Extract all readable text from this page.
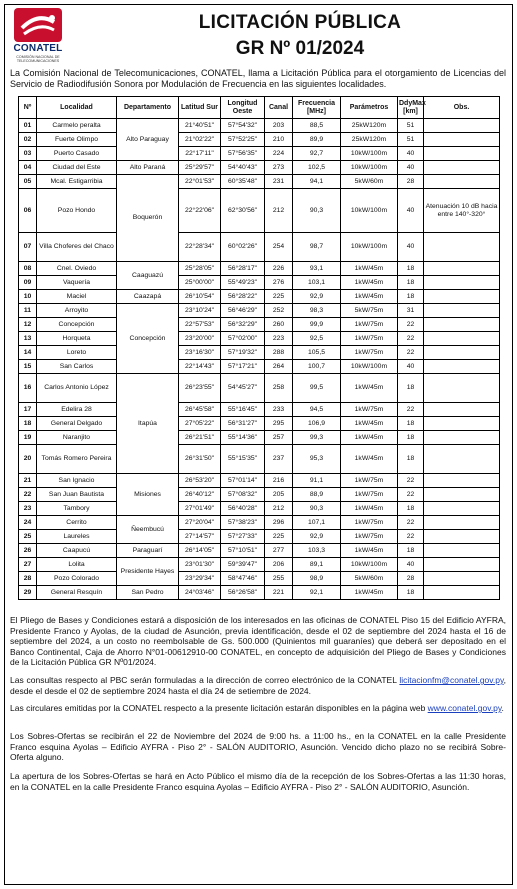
CONATEL
COMISIÓN NACIONAL DE TELECOMUNICACIONES
LICITACIÓN PÚBLICA
GR Nº 01/2024
La Comisión Nacional de Telecomunicaciones, CONATEL, llama a Licitación Pública para el otorgamiento de Licencias del Servicio de Radiodifusión Sonora por Modulación de Frecuencia en las siguientes localidades.
Nº	Localidad	Departamento	Latitud Sur	Longitud Oeste	Canal	Frecuencia [MHz]	Parámetros	DdyMax [km]	Obs.
01	Carmelo peralta	Alto Paraguay	21°40'51"	57°54'32"	203	88,5	25kW120m	51	
02	Fuerte Olimpo		21°02'22"	57°52'25"	210	89,9	25kW120m	51	
03	Puerto Casado		22°17'11"	57°56'35"	224	92,7	10kW/100m	40	
04	Ciudad del Este	Alto Paraná	25°29'57"	54°40'43"	273	102,5	10kW/100m	40	
05	Mcal. Estigarribia	Boquerón	22°01'53"	60°35'48"	231	94,1	5kW/60m	28	
06	Pozo Hondo		22°22'06"	62°30'56"	212	90,3	10kW/100m	40	Atenuación 10 dB hacia entre 140°-320°
07	Villa Choferes del Chaco		22°28'34"	60°02'26"	254	98,7	10kW/100m	40	
08	Cnel. Oviedo	Caaguazú	25°28'05"	56°28'17"	226	93,1	1kW/45m	18	
09	Vaquería		25°00'00"	55°49'23"	276	103,1	1kW/45m	18	
10	Maciel	Caazapá	26°10'54"	56°28'22"	225	92,9	1kW/45m	18	
11	Arroyito	Concepción	23°10'24"	56°46'29"	252	98,3	5kW/75m	31	
12	Concepción		22°57'53"	56°32'29"	260	99,9	1kW/75m	22	
13	Horqueta		23°20'00"	57°02'00"	223	92,5	1kW/75m	22	
14	Loreto		23°16'30"	57°19'32"	288	105,5	1kW/75m	22	
15	San Carlos		22°14'43"	57°17'21"	264	100,7	10kW/100m	40	
16	Carlos Antonio López	Itapúa	26°23'55"	54°45'27"	258	99,5	1kW/45m	18	
17	Edelira 28		26°45'58"	55°16'45"	233	94,5	1kW/75m	22	
18	General Delgado		27°05'22"	56°31'27"	295	106,9	1kW/45m	18	
19	Naranjito		26°21'51"	55°14'36"	257	99,3	1kW/45m	18	
20	Tomás Romero Pereira		26°31'50"	55°15'35"	237	95,3	1kW/45m	18	
21	San Ignacio	Misiones	26°53'20"	57°01'14"	216	91,1	1kW/75m	22	
22	San Juan Bautista		26°40'12"	57°08'32"	205	88,9	1kW/75m	22	
23	Tambory		27°01'49"	56°40'28"	212	90,3	1kW/45m	18	
24	Cerrito	Ñeembucú	27°20'04"	57°38'23"	296	107,1	1kW/75m	22	
25	Laureles		27°14'57"	57°27'33"	225	92,9	1kW/75m	22	
26	Caapucú	Paraguarí	26°14'05"	57°10'51"	277	103,3	1kW/45m	18	
27	Lolita	Presidente Hayes	23°01'30"	59°39'47"	206	89,1	10kW/100m	40	
28	Pozo Colorado		23°29'34"	58°47'46"	255	98,9	5kW/60m	28	
29	General Resquín	San Pedro	24°03'46"	56°26'58"	221	92,1	1kW/45m	18	
El Pliego de Bases y Condiciones estará a disposición de los interesados en las oficinas de CONATEL Piso 15 del Edificio AYFRA, Presidente Franco y Ayolas, de la ciudad de Asunción, previa identificación, desde el 02 de septiembre del 2024 hasta el 16 de septiembre del 2024, a un costo no reembolsable de Gs. 500.000 (Quinientos mil guaraníes) que deberá ser depositado en el Banco Continental, Caja de Ahorro N°01-00612910-00 CONATEL, en concepto de adquisición del Pliego de Bases y Condiciones de la Licitación Pública GR Nº01/2024.
Las consultas respecto al PBC serán formuladas a la dirección de correo electrónico de la CONATEL licitacionfm@conatel.gov.py, desde el desde el 02 de septiembre 2024 hasta el día 24 de setiembre de 2024.
Las circulares emitidas por la CONATEL respecto a la presente licitación estarán disponibles en la página web www.conatel.gov.py.
Los Sobres-Ofertas se recibirán el 22 de Noviembre del 2024 de 9:00 hs. a 11:00 hs., en la CONATEL en la calle Presidente Franco esquina Ayolas – Edificio AYFRA - Piso 2° - SALÓN AUDITORIO, Asunción. Vencido dicho plazo no se recibirá Sobre-Oferta alguno.
La apertura de los Sobres-Ofertas se hará en Acto Público el mismo día de la recepción de los Sobres-Ofertas a las 11:30 horas, en la CONATEL en la calle Presidente Franco esquina Ayolas – Edificio AYFRA - Piso 2° - SALÓN AUDITORIO, Asunción.
